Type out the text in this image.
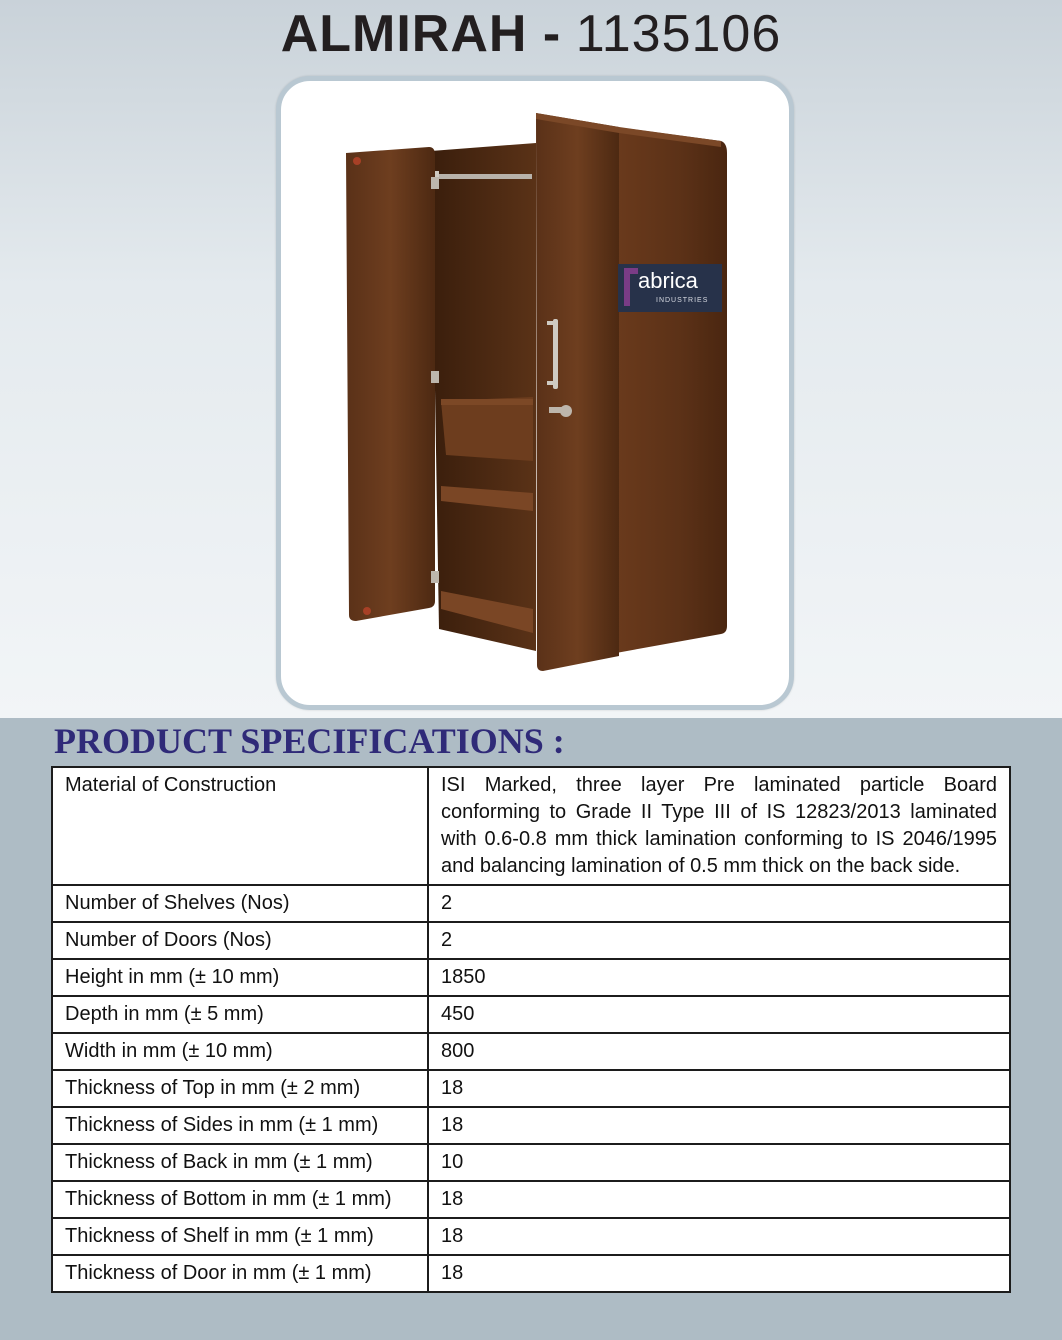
ALMIRAH - 1135106
abrica
INDUSTRIES
PRODUCT SPECIFICATIONS :
Material of Construction	ISI Marked, three layer Pre laminated particle Board conforming to Grade II Type III of IS 12823/2013 laminated with 0.6-0.8 mm thick lamination conforming to IS 2046/1995 and balancing lamination of 0.5 mm thick on the back side.
Number of Shelves (Nos)	2
Number of Doors (Nos)	2
Height in mm (± 10 mm)	1850
Depth in mm (± 5 mm)	450
Width in mm (± 10 mm)	800
Thickness of Top in mm (± 2 mm)	18
Thickness of Sides in mm (± 1 mm)	18
Thickness of Back in mm (± 1 mm)	10
Thickness of Bottom in mm (± 1 mm)	18
Thickness of Shelf in mm (± 1 mm)	18
Thickness of Door in mm (± 1 mm)	18
